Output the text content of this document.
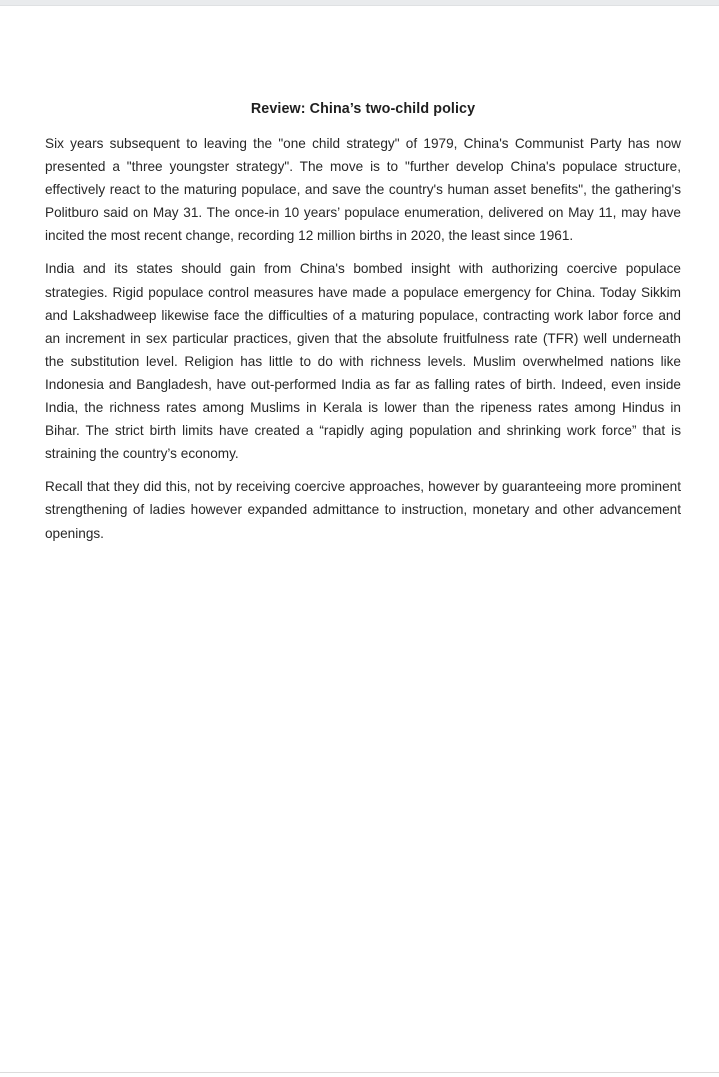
Review: China’s two-child policy

Six years subsequent to leaving the "one child strategy" of 1979, China's Communist Party has now presented a "three youngster strategy". The move is to "further develop China's populace structure, effectively react to the maturing populace, and save the country's human asset benefits", the gathering's Politburo said on May 31. The once-in 10 years’ populace enumeration, delivered on May 11, may have incited the most recent change, recording 12 million births in 2020, the least since 1961.

India and its states should gain from China's bombed insight with authorizing coercive populace strategies. Rigid populace control measures have made a populace emergency for China. Today Sikkim and Lakshadweep likewise face the difficulties of a maturing populace, contracting work labor force and an increment in sex particular practices, given that the absolute fruitfulness rate (TFR) well underneath the substitution level. Religion has little to do with richness levels. Muslim overwhelmed nations like Indonesia and Bangladesh, have out-performed India as far as falling rates of birth. Indeed, even inside India, the richness rates among Muslims in Kerala is lower than the ripeness rates among Hindus in Bihar. The strict birth limits have created a “rapidly aging population and shrinking work force” that is straining the country’s economy.

Recall that they did this, not by receiving coercive approaches, however by guaranteeing more prominent strengthening of ladies however expanded admittance to instruction, monetary and other advancement openings.
